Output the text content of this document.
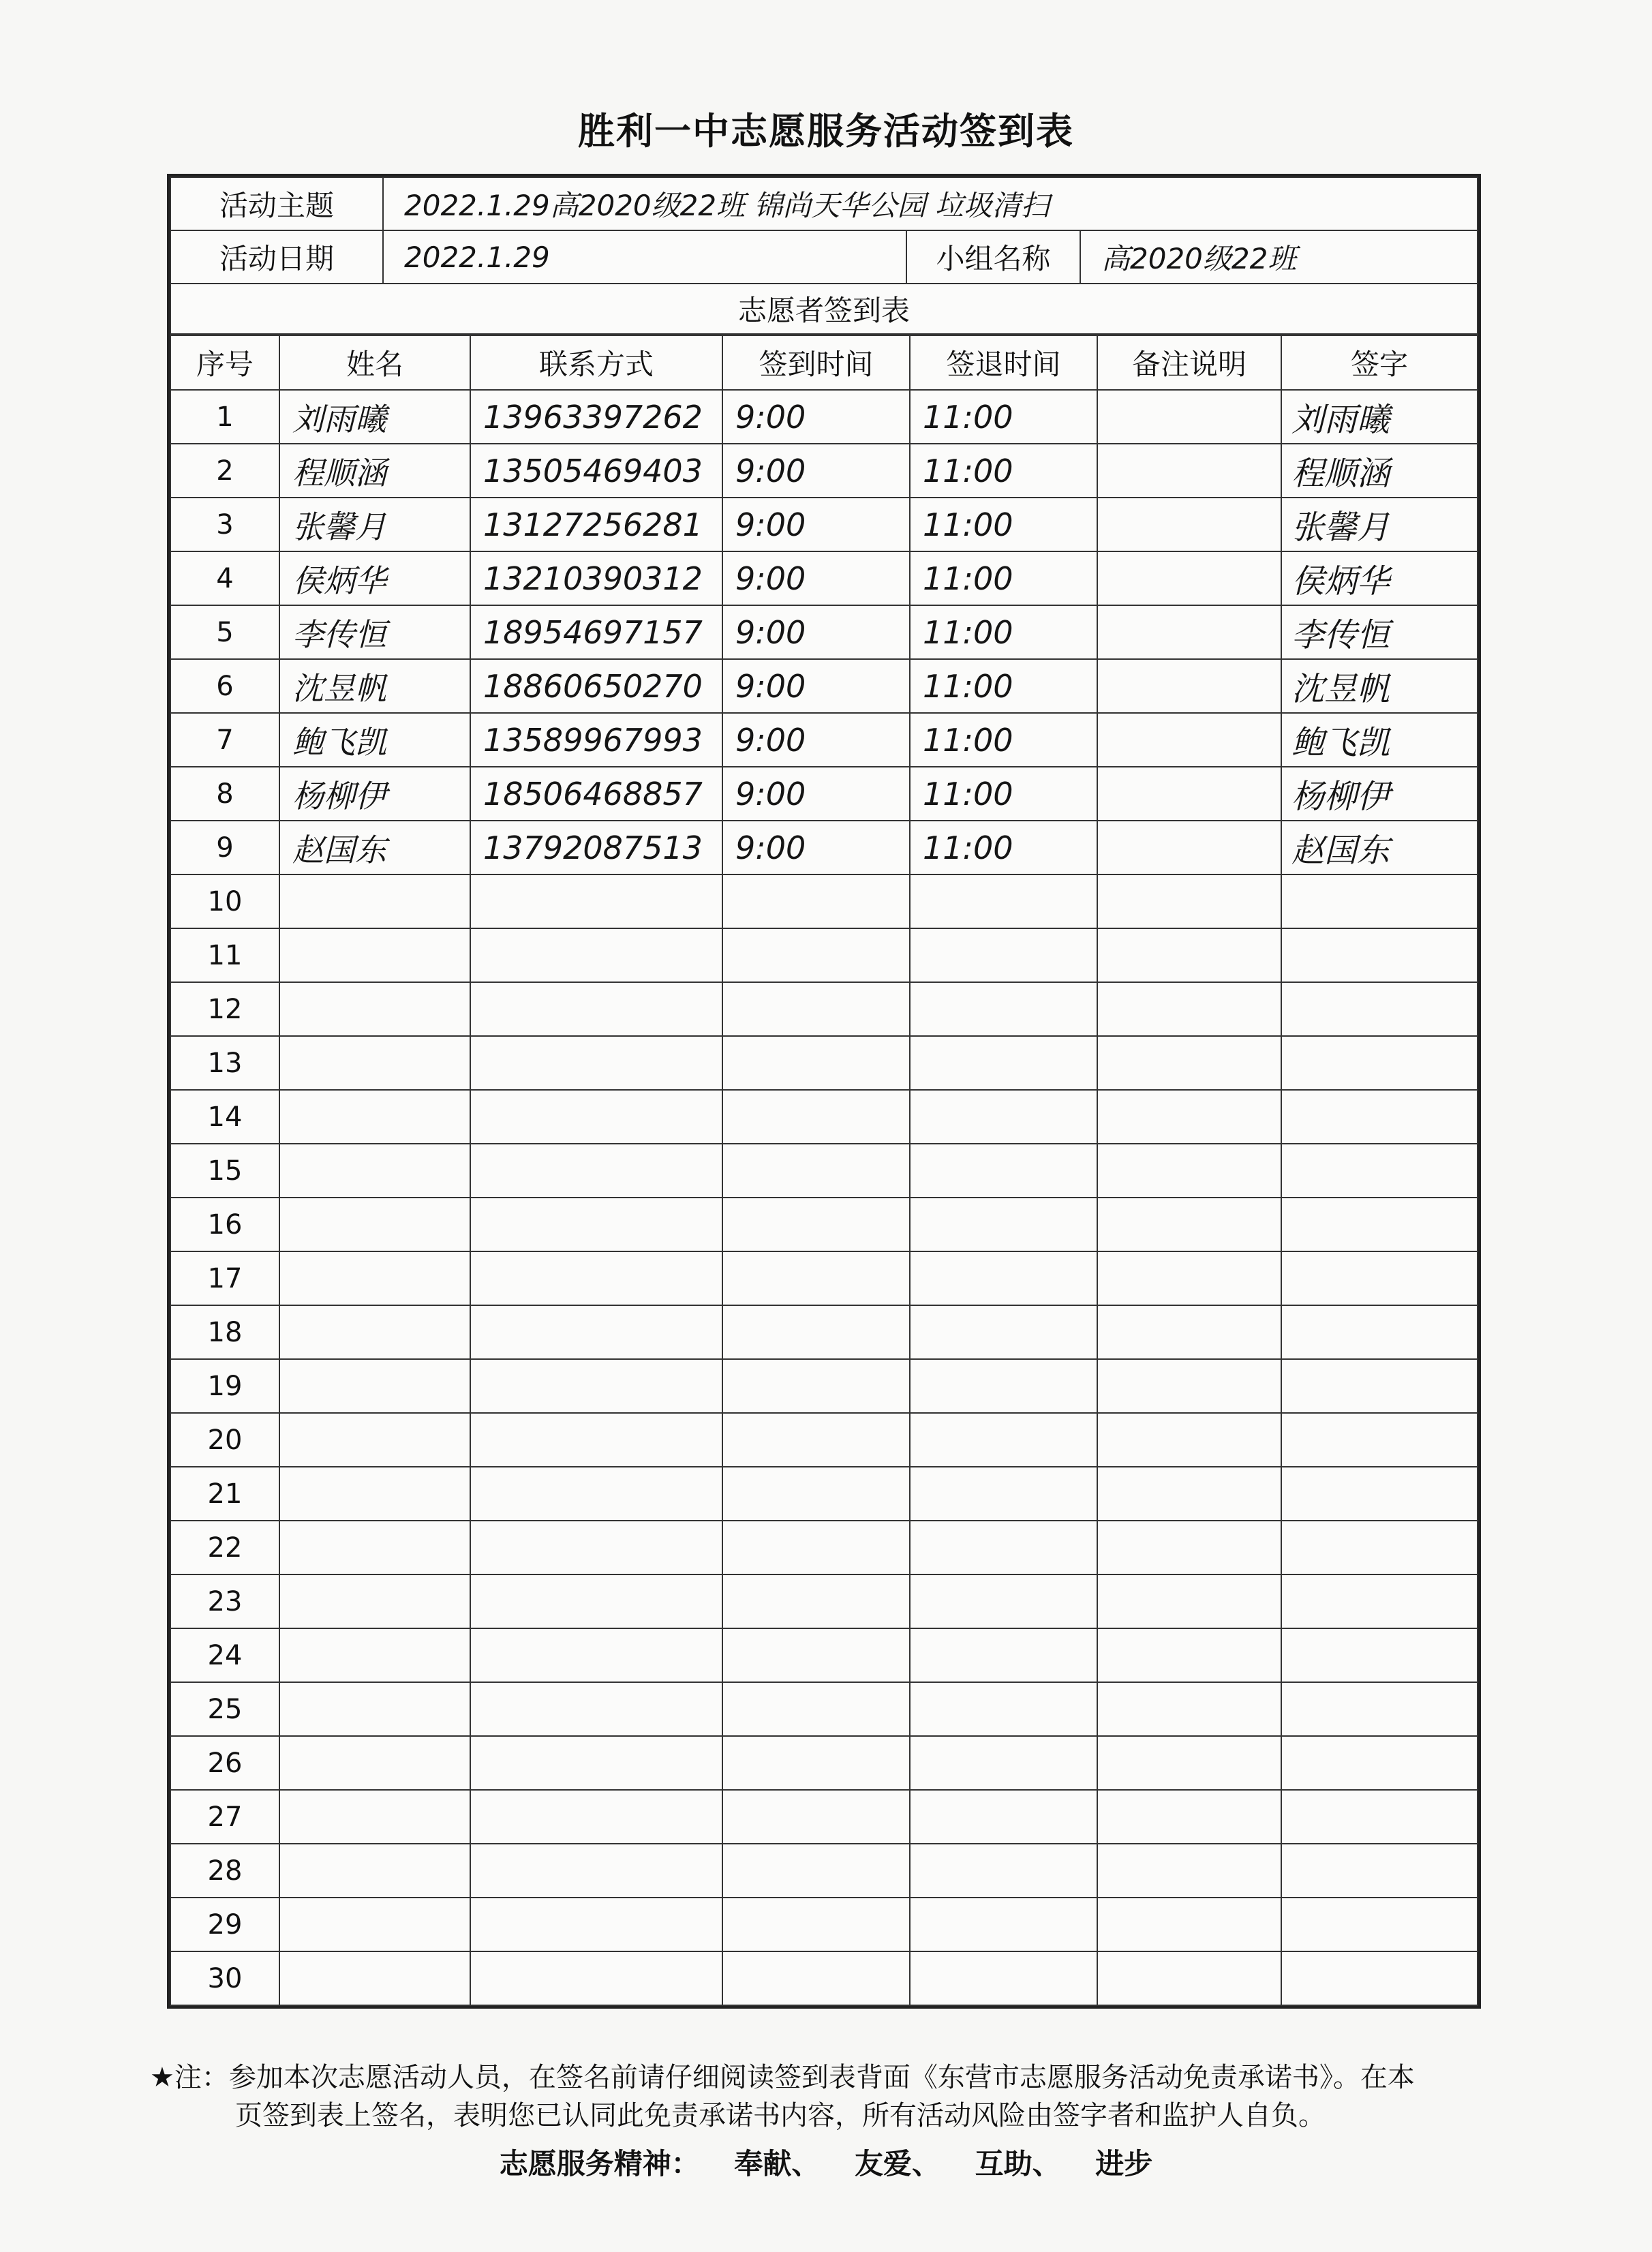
胜利一中志愿服务活动签到表
活动主题	2022.1.29高2020级22班 锦尚天华公园 垃圾清扫		
活动日期	2022.1.29	小组名称	高2020级22班
志愿者签到表			
序号	姓名	联系方式	签到时间	签退时间	备注说明	签字
1	刘雨曦	13963397262	9:00	11:00		刘雨曦
2	程顺涵	13505469403	9:00	11:00		程顺涵
3	张馨月	13127256281	9:00	11:00		张馨月
4	侯炳华	13210390312	9:00	11:00		侯炳华
5	李传恒	18954697157	9:00	11:00		李传恒
6	沈昱帆	18860650270	9:00	11:00		沈昱帆
7	鲍飞凯	13589967993	9:00	11:00		鲍飞凯
8	杨柳伊	18506468857	9:00	11:00		杨柳伊
9	赵国东	13792087513	9:00	11:00		赵国东
10						
11						
12						
13						
14						
15						
16						
17						
18						
19						
20						
21						
22						
23						
24						
25						
26						
27						
28						
29						
30						
★注：参加本次志愿活动人员，在签名前请仔细阅读签到表背面《东营市志愿服务活动免责承诺书》。在本
页签到表上签名，表明您已认同此免责承诺书内容，所有活动风险由签字者和监护人自负。
志愿服务精神： 奉献、 友爱、 互助、 进步
